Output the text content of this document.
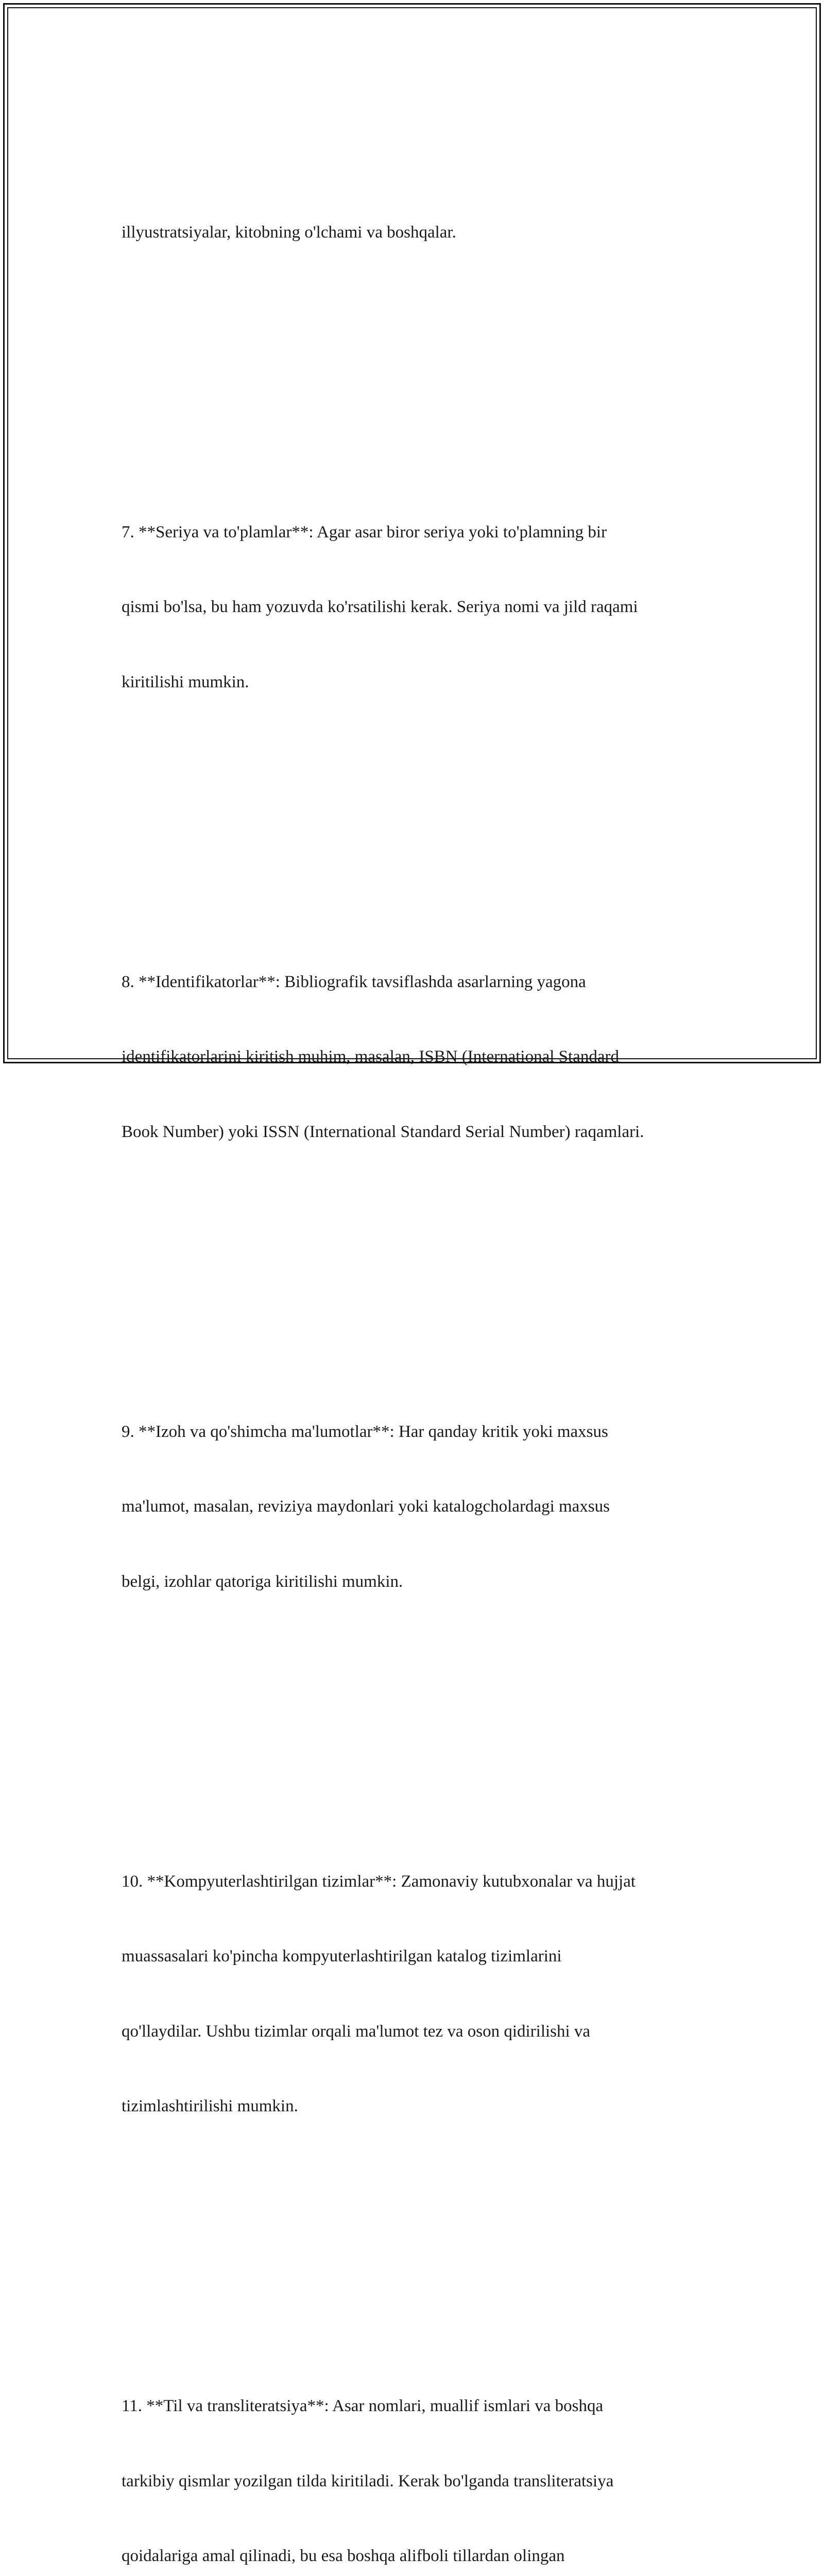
illyustratsiyalar, kitobning o'lchami va boshqalar.

7. **Seriya va to'plamlar**: Agar asar biror seriya yoki to'plamning bir

qismi bo'lsa, bu ham yozuvda ko'rsatilishi kerak. Seriya nomi va jild raqami

kiritilishi mumkin.

8. **Identifikatorlar**: Bibliografik tavsiflashda asarlarning yagona

identifikatorlarini kiritish muhim, masalan, ISBN (International Standard

Book Number) yoki ISSN (International Standard Serial Number) raqamlari.

9. **Izoh va qo'shimcha ma'lumotlar**: Har qanday kritik yoki maxsus

ma'lumot, masalan, reviziya maydonlari yoki katalogcholardagi maxsus

belgi, izohlar qatoriga kiritilishi mumkin.

10. **Kompyuterlashtirilgan tizimlar**: Zamonaviy kutubxonalar va hujjat

muassasalari ko'pincha kompyuterlashtirilgan katalog tizimlarini

qo'llaydilar. Ushbu tizimlar orqali ma'lumot tez va oson qidirilishi va

tizimlashtirilishi mumkin.

11. **Til va transliteratsiya**: Asar nomlari, muallif ismlari va boshqa

tarkibiy qismlar yozilgan tilda kiritiladi. Kerak bo'lganda transliteratsiya

qoidalariga amal qilinadi, bu esa boshqa alifboli tillardan olingan
